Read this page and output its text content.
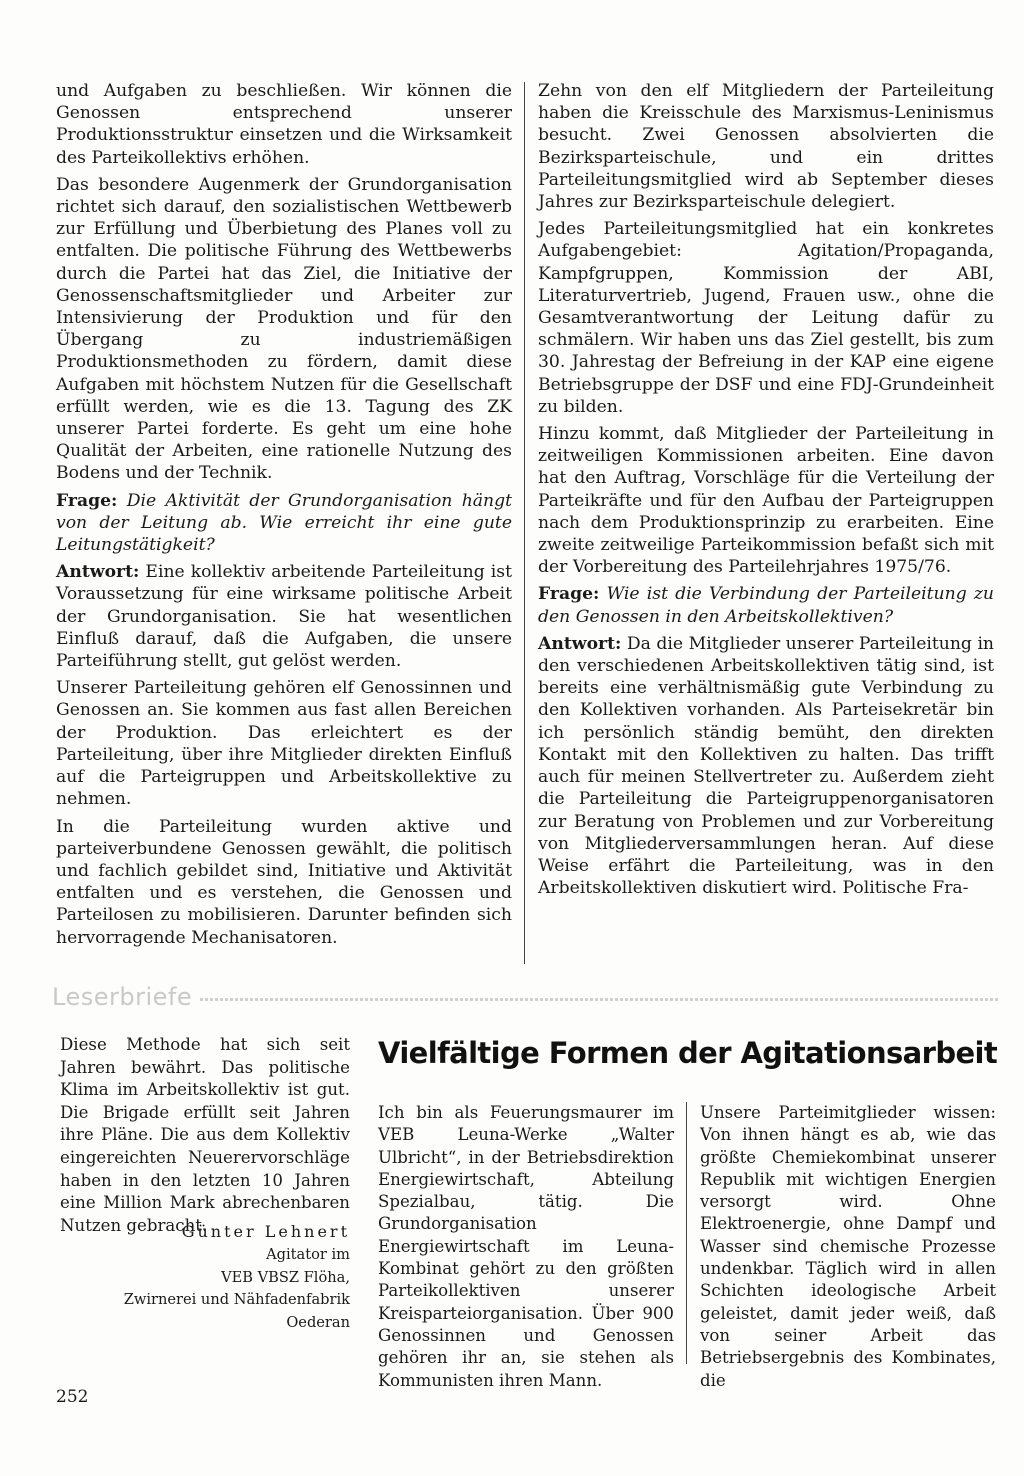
und Aufgaben zu beschließen. Wir können die Genossen entsprechend unserer Produktionsstruktur einsetzen und die Wirksamkeit des Parteikollektivs erhöhen.

Das besondere Augenmerk der Grundorganisation richtet sich darauf, den sozialistischen Wettbewerb zur Erfüllung und Überbietung des Planes voll zu entfalten. Die politische Führung des Wettbewerbs durch die Partei hat das Ziel, die Initiative der Genossenschaftsmitglieder und Arbeiter zur Intensivierung der Produktion und für den Übergang zu industriemäßigen Produktionsmethoden zu fördern, damit diese Aufgaben mit höchstem Nutzen für die Gesellschaft erfüllt werden, wie es die 13. Tagung des ZK unserer Partei forderte. Es geht um eine hohe Qualität der Arbeiten, eine rationelle Nutzung des Bodens und der Technik.

Frage: Die Aktivität der Grundorganisation hängt von der Leitung ab. Wie erreicht ihr eine gute Leitungstätigkeit?

Antwort: Eine kollektiv arbeitende Parteileitung ist Voraussetzung für eine wirksame politische Arbeit der Grundorganisation. Sie hat wesentlichen Einfluß darauf, daß die Aufgaben, die unsere Parteiführung stellt, gut gelöst werden.

Unserer Parteileitung gehören elf Genossinnen und Genossen an. Sie kommen aus fast allen Bereichen der Produktion. Das erleichtert es der Parteileitung, über ihre Mitglieder direkten Einfluß auf die Parteigruppen und Arbeitskollektive zu nehmen.

In die Parteileitung wurden aktive und parteiverbundene Genossen gewählt, die politisch und fachlich gebildet sind, Initiative und Aktivität entfalten und es verstehen, die Genossen und Parteilosen zu mobilisieren. Darunter befinden sich hervorragende Mechanisatoren.

Zehn von den elf Mitgliedern der Parteileitung haben die Kreisschule des Marxismus-Leninismus besucht. Zwei Genossen absolvierten die Bezirksparteischule, und ein drittes Parteileitungsmitglied wird ab September dieses Jahres zur Bezirksparteischule delegiert.

Jedes Parteileitungsmitglied hat ein konkretes Aufgabengebiet: Agitation/Propaganda, Kampfgruppen, Kommission der ABI, Literaturvertrieb, Jugend, Frauen usw., ohne die Gesamtverantwortung der Leitung dafür zu schmälern. Wir haben uns das Ziel gestellt, bis zum 30. Jahrestag der Befreiung in der KAP eine eigene Betriebsgruppe der DSF und eine FDJ-Grundeinheit zu bilden.

Hinzu kommt, daß Mitglieder der Parteileitung in zeitweiligen Kommissionen arbeiten. Eine davon hat den Auftrag, Vorschläge für die Verteilung der Parteikräfte und für den Aufbau der Parteigruppen nach dem Produktionsprinzip zu erarbeiten. Eine zweite zeitweilige Parteikommission befaßt sich mit der Vorbereitung des Parteilehrjahres 1975/76.

Frage: Wie ist die Verbindung der Parteileitung zu den Genossen in den Arbeitskollektiven?

Antwort: Da die Mitglieder unserer Parteileitung in den verschiedenen Arbeitskollektiven tätig sind, ist bereits eine verhältnismäßig gute Verbindung zu den Kollektiven vorhanden. Als Parteisekretär bin ich persönlich ständig bemüht, den direkten Kontakt mit den Kollektiven zu halten. Das trifft auch für meinen Stellvertreter zu. Außerdem zieht die Parteileitung die Parteigruppenorganisatoren zur Beratung von Problemen und zur Vorbereitung von Mitgliederversammlungen heran. Auf diese Weise erfährt die Parteileitung, was in den Arbeitskollektiven diskutiert wird. Politische Fra-

Leserbriefe

Diese Methode hat sich seit Jahren bewährt. Das politische Klima im Arbeitskollektiv ist gut. Die Brigade erfüllt seit Jahren ihre Pläne. Die aus dem Kollektiv eingereichten Neuerervorschläge haben in den letzten 10 Jahren eine Million Mark abrechenbaren Nutzen gebracht.

Günter Lehnert
Agitator im
VEB VBSZ Flöha,
Zwirnerei und Nähfadenfabrik
Oederan
Vielfältige Formen der Agitationsarbeit

Ich bin als Feuerungsmaurer im VEB Leuna-Werke „Walter Ulbricht“, in der Betriebsdirektion Energiewirtschaft, Abteilung Spezialbau, tätig. Die Grundorganisation Energiewirtschaft im Leuna-Kombinat gehört zu den größten Parteikollektiven unserer Kreisparteiorganisation. Über 900 Genossinnen und Genossen gehören ihr an, sie stehen als Kommunisten ihren Mann.

Unsere Parteimitglieder wissen: Von ihnen hängt es ab, wie das größte Chemiekombinat unserer Republik mit wichtigen Energien versorgt wird. Ohne Elektroenergie, ohne Dampf und Wasser sind chemische Prozesse undenkbar. Täglich wird in allen Schichten ideologische Arbeit geleistet, damit jeder weiß, daß von seiner Arbeit das Betriebsergebnis des Kombinates, die

252
